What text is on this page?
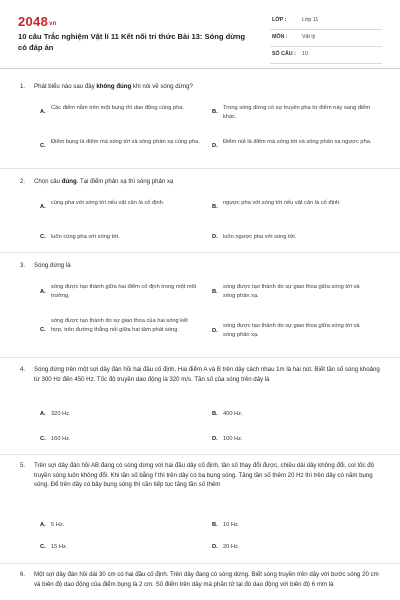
2048vn
10 câu Trắc nghiệm Vật lí 11 Kết nối tri thức Bài 13: Sóng dừng có đáp án
LỚP :	Lớp 11
MÔN :	Vật lý
SỐ CÂU : 10
1. Phát biểu nào sau đây không đúng khi nói về sóng dừng?
A.
Các điểm nằm trên một bụng thì dao động cùng pha.
B.
Trong sóng dừng có sự truyền pha từ điểm này sang điểm khác.
C.
Điểm bụng là điểm mà sóng tới và sóng phản xạ cùng pha.
D.
Điểm nút là điểm mà sóng tới và sóng phản xạ ngược pha.
2. Chọn câu đúng. Tại điểm phản xạ thì sóng phản xạ
A.
cùng pha với sóng tới nếu vật cản là cố định.
B.
ngược pha với sóng tới nếu vật cản là cố định.
C. luôn cùng pha với sóng tới.	D. luôn ngược pha với sóng tới.
3. Sóng dừng là
A.
sóng được tạo thành giữa hai điểm cố định trong một môi trường.
B.
sóng được tạo thành do sự giao thoa giữa sóng tới và sóng phản xạ.
C.
sóng được tạo thành do sự giao thoa của hai sóng kết hợp, trên đường thẳng nối giữa hai tâm phát sóng.	D.
sóng được tạo thành do sự giao thoa giữa sóng tới và sóng phản xạ.
4. Sóng dừng trên một sợi dây đàn hồi hai đầu cố định. Hai điểm A và B trên dây cách nhau 1m là hai nút. Biết tần số sóng khoảng từ 300 Hz đến 450 Hz. Tốc độ truyền dao động là 320 m/s. Tần số của sóng trên dây là
A. 320 Hz.	B. 400 Hz.
C. 160 Hz.	D. 100 Hz.
5. Trên sợi dây đàn hồi AB đang có sóng dừng với hai đầu dây cố định, tần số thay đổi được, chiều dài dây không đổi, coi tốc độ truyền sóng luôn không đổi. Khi tần số bằng f thì trên dây có ba bụng sóng. Tăng tần số thêm 20 Hz thì trên dây có năm bụng sóng. Để trên dây có bảy bụng sóng thì cần tiếp tục tăng tần số thêm
A. 5 Hz.	B. 10 Hz.
C. 15 Hz.	D. 20 Hz.
6. Một sợi dây đàn hồi dài 30 cm có hai đầu cố định. Trên dây đang có sóng dừng. Biết sóng truyền trên dây với bước sóng 20 cm và biên độ dao động của điểm bụng là 2 cm. Số điểm trên dây mà phần tử tại đó dao động với biên độ 6 mm là
